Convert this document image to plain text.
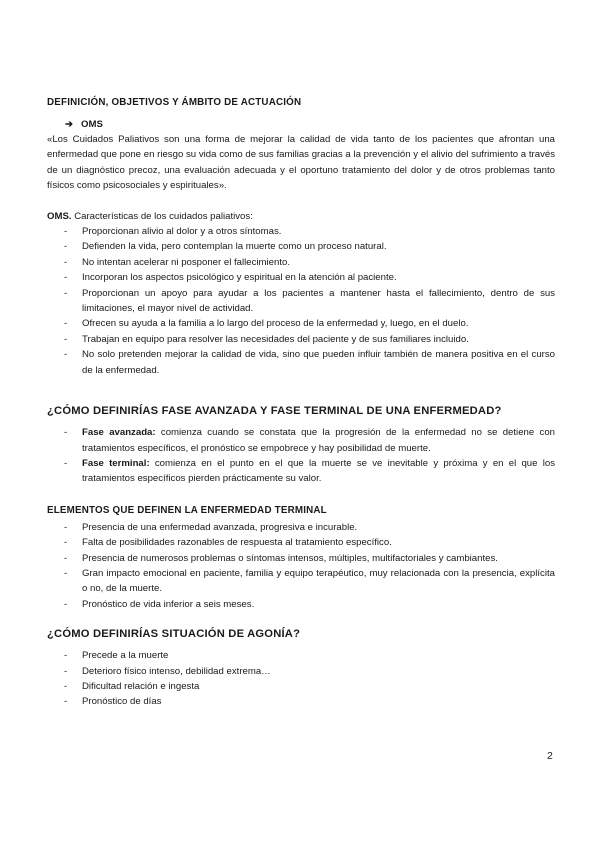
DEFINICIÓN, OBJETIVOS Y ÁMBITO DE ACTUACIÓN
➔ OMS

«Los Cuidados Paliativos son una forma de mejorar la calidad de vida tanto de los pacientes que afrontan una enfermedad que pone en riesgo su vida como de sus familias gracias a la prevención y el alivio del sufrimiento a través de un diagnóstico precoz, una evaluación adecuada y el oportuno tratamiento del dolor y de otros problemas tanto físicos como psicosociales y espirituales».

OMS. Características de los cuidados paliativos:

- Proporcionan alivio al dolor y a otros síntomas.
- Defienden la vida, pero contemplan la muerte como un proceso natural.
- No intentan acelerar ni posponer el fallecimiento.
- Incorporan los aspectos psicológico y espiritual en la atención al paciente.
- Proporcionan un apoyo para ayudar a los pacientes a mantener hasta el fallecimiento, dentro de sus limitaciones, el mayor nivel de actividad.
- Ofrecen su ayuda a la familia a lo largo del proceso de la enfermedad y, luego, en el duelo.
- Trabajan en equipo para resolver las necesidades del paciente y de sus familiares incluido.
- No solo pretenden mejorar la calidad de vida, sino que pueden influir también de manera positiva en el curso de la enfermedad.
¿CÓMO DEFINIRÍAS FASE AVANZADA Y FASE TERMINAL DE UNA ENFERMEDAD?
- Fase avanzada: comienza cuando se constata que la progresión de la enfermedad no se detiene con tratamientos específicos, el pronóstico se empobrece y hay posibilidad de muerte.
- Fase terminal: comienza en el punto en el que la muerte se ve inevitable y próxima y en el que los tratamientos específicos pierden prácticamente su valor.
ELEMENTOS QUE DEFINEN LA ENFERMEDAD TERMINAL
- Presencia de una enfermedad avanzada, progresiva e incurable.
- Falta de posibilidades razonables de respuesta al tratamiento específico.
- Presencia de numerosos problemas o síntomas intensos, múltiples, multifactoriales y cambiantes.
- Gran impacto emocional en paciente, familia y equipo terapéutico, muy relacionada con la presencia, explícita o no, de la muerte.
- Pronóstico de vida inferior a seis meses.
¿CÓMO DEFINIRÍAS SITUACIÓN DE AGONÍA?
- Precede a la muerte
- Deterioro físico intenso, debilidad extrema…
- Dificultad relación e ingesta
- Pronóstico de días
2
